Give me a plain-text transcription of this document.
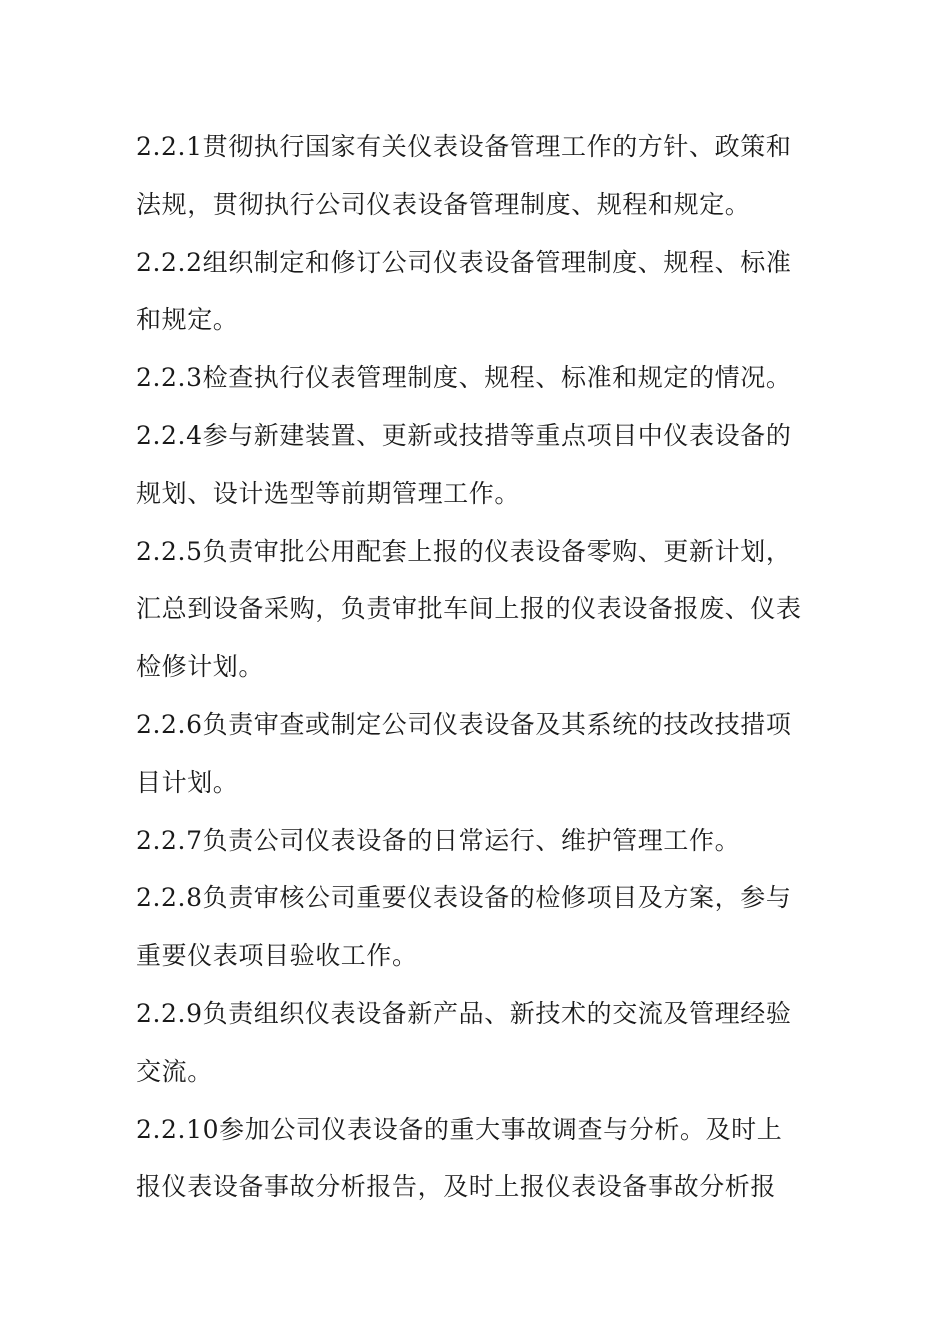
2.2.1贯彻执行国家有关仪表设备管理工作的方针、政策和
法规，贯彻执行公司仪表设备管理制度、规程和规定。
2.2.2组织制定和修订公司仪表设备管理制度、规程、标准
和规定。
2.2.3检查执行仪表管理制度、规程、标准和规定的情况。
2.2.4参与新建装置、更新或技措等重点项目中仪表设备的
规划、设计选型等前期管理工作。
2.2.5负责审批公用配套上报的仪表设备零购、更新计划，
汇总到设备采购，负责审批车间上报的仪表设备报废、仪表
检修计划。
2.2.6负责审查或制定公司仪表设备及其系统的技改技措项
目计划。
2.2.7负责公司仪表设备的日常运行、维护管理工作。
2.2.8负责审核公司重要仪表设备的检修项目及方案，参与
重要仪表项目验收工作。
2.2.9负责组织仪表设备新产品、新技术的交流及管理经验
交流。
2.2.10参加公司仪表设备的重大事故调查与分析。及时上
报仪表设备事故分析报告，及时上报仪表设备事故分析报
